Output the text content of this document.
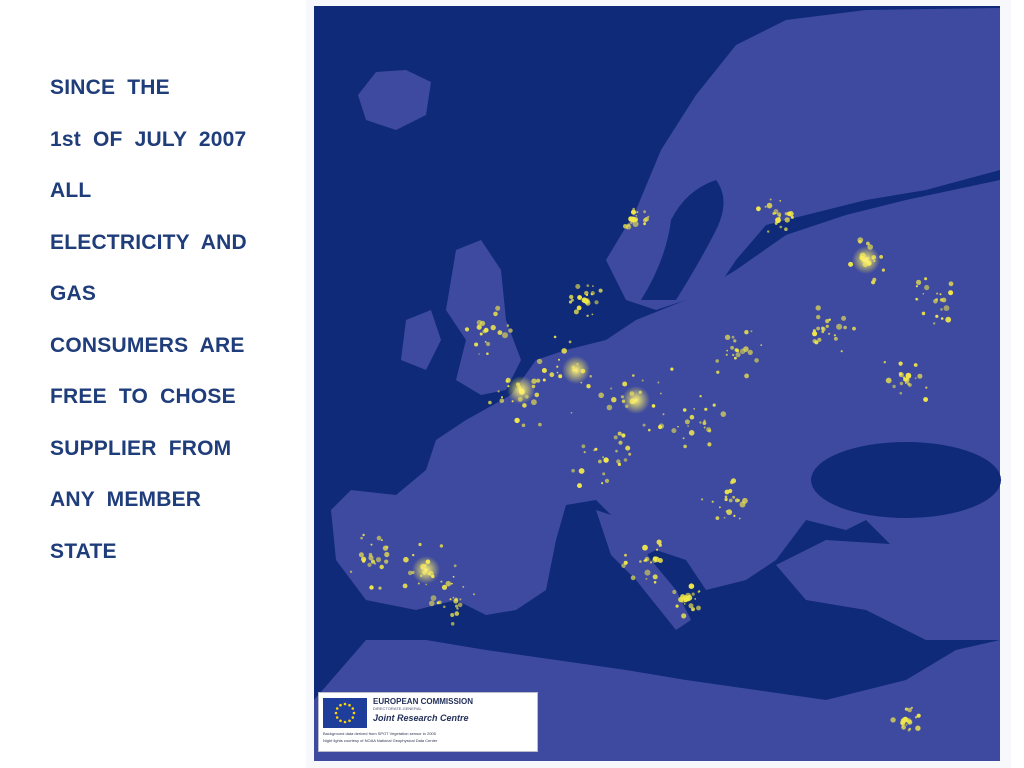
SINCE  THE
1st  OF  JULY  2007
ALL
ELECTRICITY  AND
GAS
CONSUMERS  ARE
FREE  TO  CHOSE
SUPPLIER  FROM
ANY  MEMBER
STATE
EUROPEAN COMMISSION
DIRECTORATE-GENERAL
Joint Research Centre
Background data derived from SPOT Vegetation sensor in 2005
Night lights courtesy of NOAA National Geophysical Data Center
